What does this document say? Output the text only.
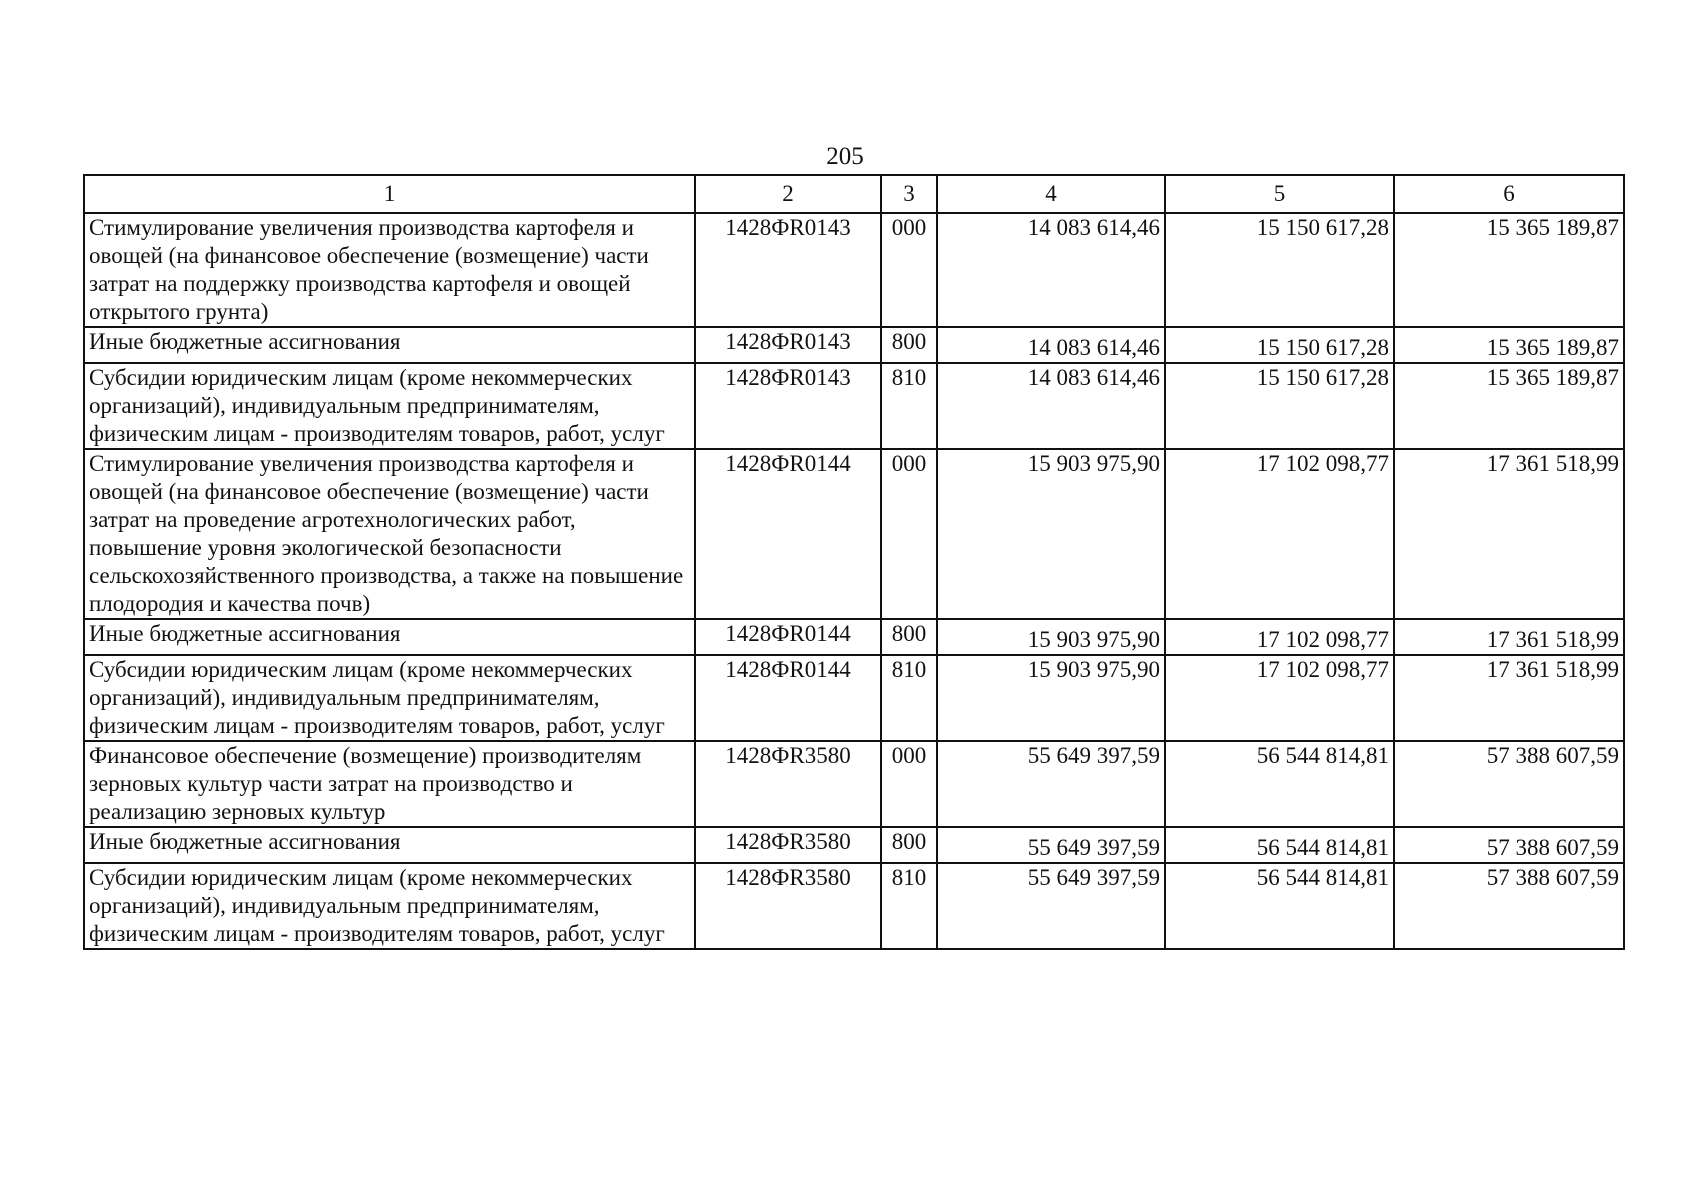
205
1	2	3	4	5	6
Стимулирование увеличения производства картофеля и овощей (на финансовое обеспечение (возмещение) части затрат на поддержку производства картофеля и овощей открытого грунта)	1428ФR0143	000	14 083 614,46	15 150 617,28	15 365 189,87
Иные бюджетные ассигнования	1428ФR0143	800	14 083 614,46	15 150 617,28	15 365 189,87
Субсидии юридическим лицам (кроме некоммерческих организаций), индивидуальным предпринимателям, физическим лицам - производителям товаров, работ, услуг	1428ФR0143	810	14 083 614,46	15 150 617,28	15 365 189,87
Стимулирование увеличения производства картофеля и овощей (на финансовое обеспечение (возмещение) части затрат на проведение агротехнологических работ, повышение уровня экологической безопасности сельскохозяйственного производства, а также на повышение плодородия и качества почв)	1428ФR0144	000	15 903 975,90	17 102 098,77	17 361 518,99
Иные бюджетные ассигнования	1428ФR0144	800	15 903 975,90	17 102 098,77	17 361 518,99
Субсидии юридическим лицам (кроме некоммерческих организаций), индивидуальным предпринимателям, физическим лицам - производителям товаров, работ, услуг	1428ФR0144	810	15 903 975,90	17 102 098,77	17 361 518,99
Финансовое обеспечение (возмещение) производителям зерновых культур части затрат на производство и реализацию зерновых культур	1428ФR3580	000	55 649 397,59	56 544 814,81	57 388 607,59
Иные бюджетные ассигнования	1428ФR3580	800	55 649 397,59	56 544 814,81	57 388 607,59
Субсидии юридическим лицам (кроме некоммерческих организаций), индивидуальным предпринимателям, физическим лицам - производителям товаров, работ, услуг	1428ФR3580	810	55 649 397,59	56 544 814,81	57 388 607,59
